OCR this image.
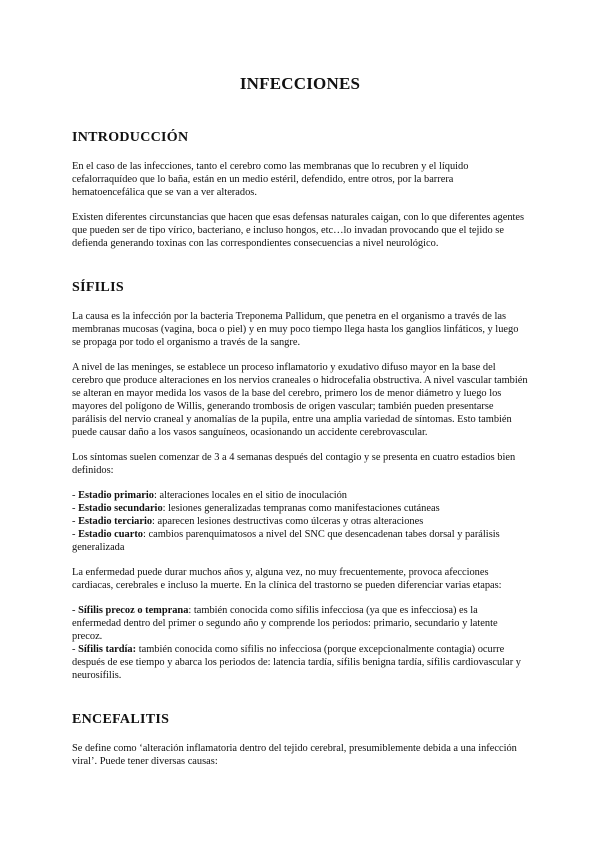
INFECCIONES
INTRODUCCIÓN

En el caso de las infecciones, tanto el cerebro como las membranas que lo recubren y el líquido cefalorraquídeo que lo baña, están en un medio estéril, defendido, entre otros, por la barrera hematoencefálica que se van a ver alterados.

Existen diferentes circunstancias que hacen que esas defensas naturales caigan, con lo que diferentes agentes que pueden ser de tipo vírico, bacteriano, e incluso hongos, etc…lo invadan provocando que el tejido se defienda generando toxinas con las correspondientes consecuencias a nivel neurológico.

SÍFILIS

La causa es la infección por la bacteria Treponema Pallidum, que penetra en el organismo a través de las membranas mucosas (vagina, boca o piel) y en muy poco tiempo llega hasta los ganglios linfáticos, y luego se propaga por todo el organismo a través de la sangre.

A nivel de las meninges, se establece un proceso inflamatorio y exudativo difuso mayor en la base del cerebro que produce alteraciones en los nervios craneales o hidrocefalia obstructiva. A nivel vascular también se alteran en mayor medida los vasos de la base del cerebro, primero los de menor diámetro y luego los mayores del polígono de Willis, generando trombosis de origen vascular; también pueden presentarse parálisis del nervio craneal y anomalías de la pupila, entre una amplia variedad de síntomas. Esto también puede causar daño a los vasos sanguíneos, ocasionando un accidente cerebrovascular.

Los síntomas suelen comenzar de 3 a 4 semanas después del contagio y se presenta en cuatro estadios bien definidos:

- Estadio primario: alteraciones locales en el sitio de inoculación

- Estadio secundario: lesiones generalizadas tempranas como manifestaciones cutáneas

- Estadio terciario: aparecen lesiones destructivas como úlceras y otras alteraciones

- Estadio cuarto: cambios parenquimatosos a nivel del SNC que desencadenan tabes dorsal y parálisis generalizada

La enfermedad puede durar muchos años y, alguna vez, no muy frecuentemente, provoca afecciones cardiacas, cerebrales e incluso la muerte. En la clínica del trastorno se pueden diferenciar varias etapas:

- Sífilis precoz o temprana: también conocida como sífilis infecciosa (ya que es infecciosa) es la enfermedad dentro del primer o segundo año y comprende los periodos: primario, secundario y latente precoz.

- Sífilis tardía: también conocida como sífilis no infecciosa (porque excepcionalmente contagia) ocurre después de ese tiempo y abarca los periodos de: latencia tardía, sífilis benigna tardía, sífilis cardiovascular y neurosífilis.

ENCEFALITIS

Se define como ‘alteración inflamatoria dentro del tejido cerebral, presumiblemente debida a una infección viral’. Puede tener diversas causas:
